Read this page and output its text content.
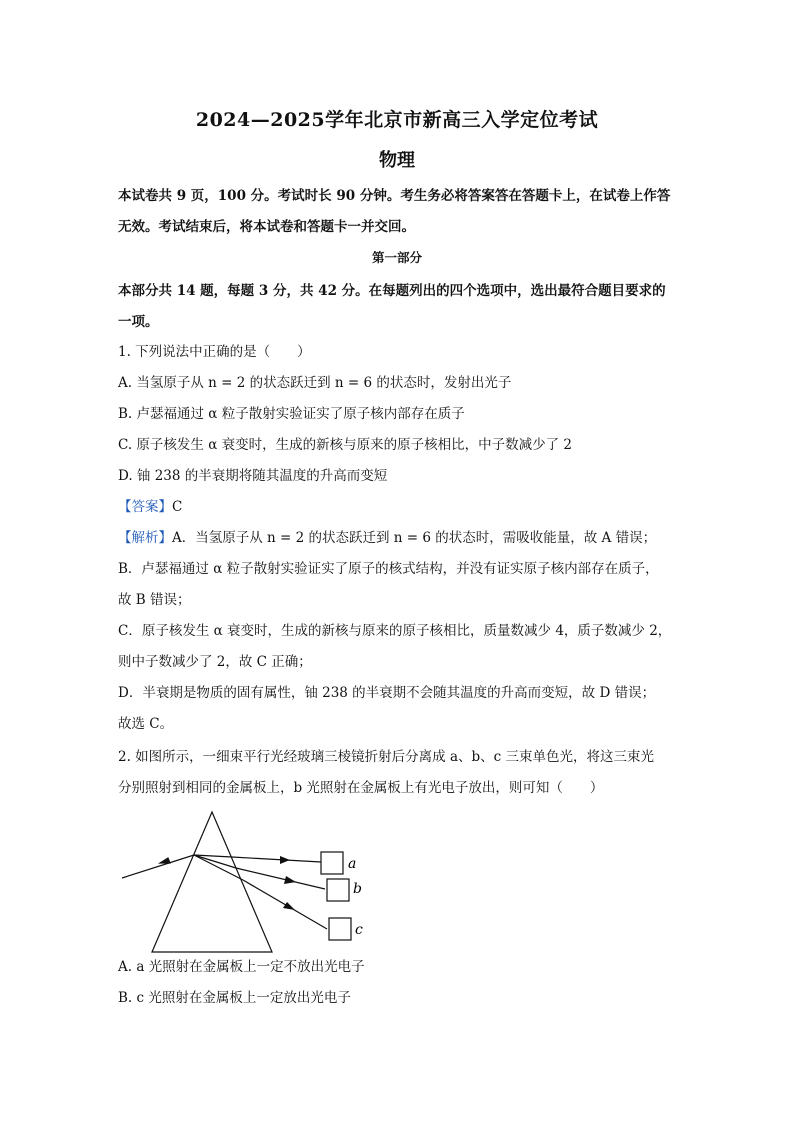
2024—2025学年北京市新高三入学定位考试
物理
本试卷共 9 页，100 分。考试时长 90 分钟。考生务必将答案答在答题卡上，在试卷上作答
无效。考试结束后，将本试卷和答题卡一并交回。
第一部分
本部分共 14 题，每题 3 分，共 42 分。在每题列出的四个选项中，选出最符合题目要求的
一项。
1. 下列说法中正确的是（　　）
A. 当氢原子从 n = 2 的状态跃迁到 n = 6 的状态时，发射出光子
B. 卢瑟福通过 α 粒子散射实验证实了原子核内部存在质子
C. 原子核发生 α 衰变时，生成的新核与原来的原子核相比，中子数减少了 2
D. 铀 238 的半衰期将随其温度的升高而变短
【答案】C
【解析】A．当氢原子从 n = 2 的状态跃迁到 n = 6 的状态时，需吸收能量，故 A 错误；
B．卢瑟福通过 α 粒子散射实验证实了原子的核式结构，并没有证实原子核内部存在质子，
故 B 错误；
C．原子核发生 α 衰变时，生成的新核与原来的原子核相比，质量数减少 4，质子数减少 2，
则中子数减少了 2，故 C 正确；
D．半衰期是物质的固有属性，铀 238 的半衰期不会随其温度的升高而变短，故 D 错误；
故选 C。
2. 如图所示，一细束平行光经玻璃三棱镜折射后分离成 a、b、c 三束单色光，将这三束光
分别照射到相同的金属板上，b 光照射在金属板上有光电子放出，则可知（　　）
a
b
c
A. a 光照射在金属板上一定不放出光电子
B. c 光照射在金属板上一定放出光电子
